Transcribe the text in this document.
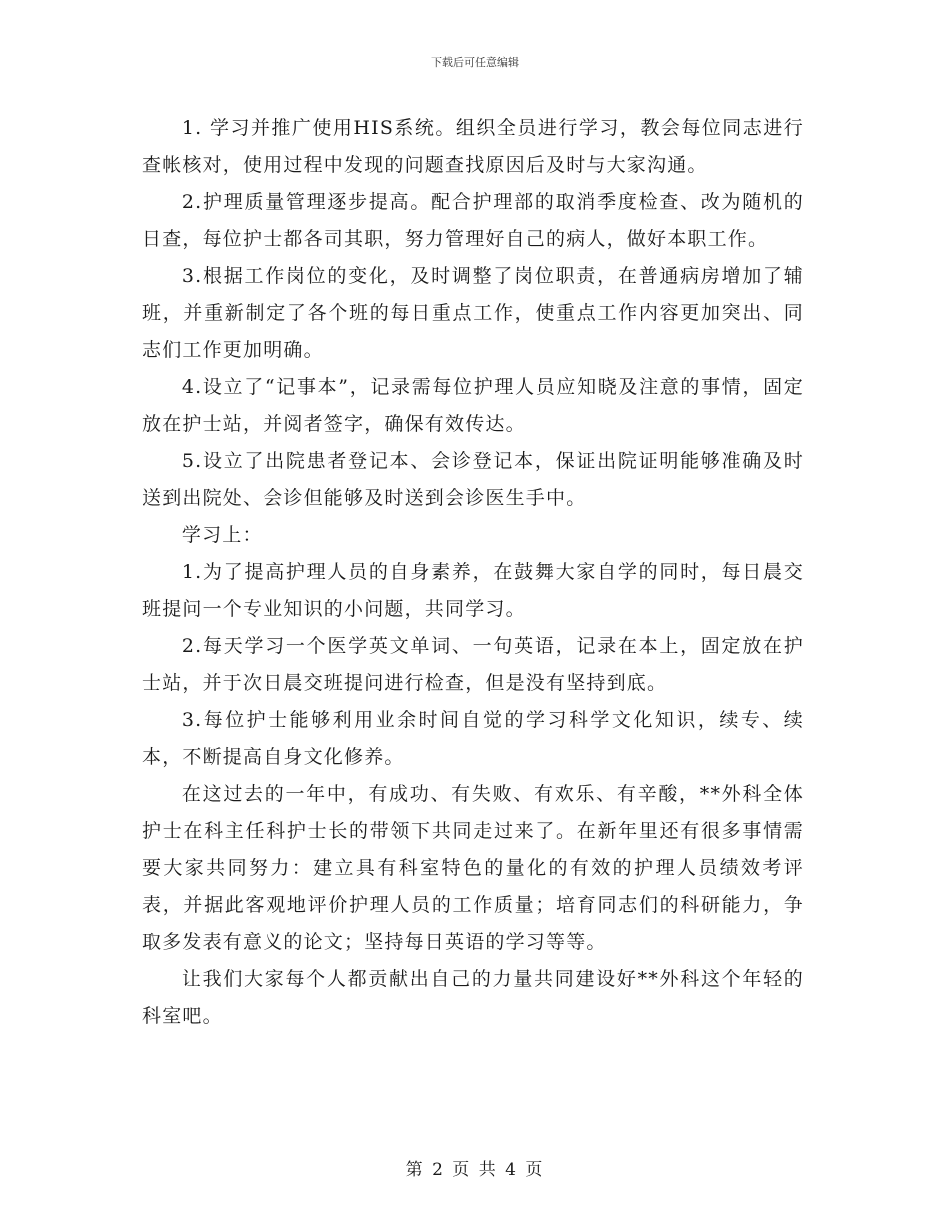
下载后可任意编辑

1. 学习并推广使用HIS系统。组织全员进行学习，教会每位同志进行查帐核对，使用过程中发现的问题查找原因后及时与大家沟通。

2.护理质量管理逐步提高。配合护理部的取消季度检查、改为随机的日查，每位护士都各司其职，努力管理好自己的病人，做好本职工作。

3.根据工作岗位的变化，及时调整了岗位职责，在普通病房增加了辅班，并重新制定了各个班的每日重点工作，使重点工作内容更加突出、同志们工作更加明确。

4.设立了“记事本”，记录需每位护理人员应知晓及注意的事情，固定放在护士站，并阅者签字，确保有效传达。

5.设立了出院患者登记本、会诊登记本，保证出院证明能够准确及时送到出院处、会诊但能够及时送到会诊医生手中。

学习上：

1.为了提高护理人员的自身素养，在鼓舞大家自学的同时，每日晨交班提问一个专业知识的小问题，共同学习。

2.每天学习一个医学英文单词、一句英语，记录在本上，固定放在护士站，并于次日晨交班提问进行检查，但是没有坚持到底。

3.每位护士能够利用业余时间自觉的学习科学文化知识，续专、续本，不断提高自身文化修养。

在这过去的一年中，有成功、有失败、有欢乐、有辛酸，**外科全体护士在科主任科护士长的带领下共同走过来了。在新年里还有很多事情需要大家共同努力：建立具有科室特色的量化的有效的护理人员绩效考评表，并据此客观地评价护理人员的工作质量；培育同志们的科研能力，争取多发表有意义的论文；坚持每日英语的学习等等。

让我们大家每个人都贡献出自己的力量共同建设好**外科这个年轻的科室吧。

第 2 页 共 4 页
